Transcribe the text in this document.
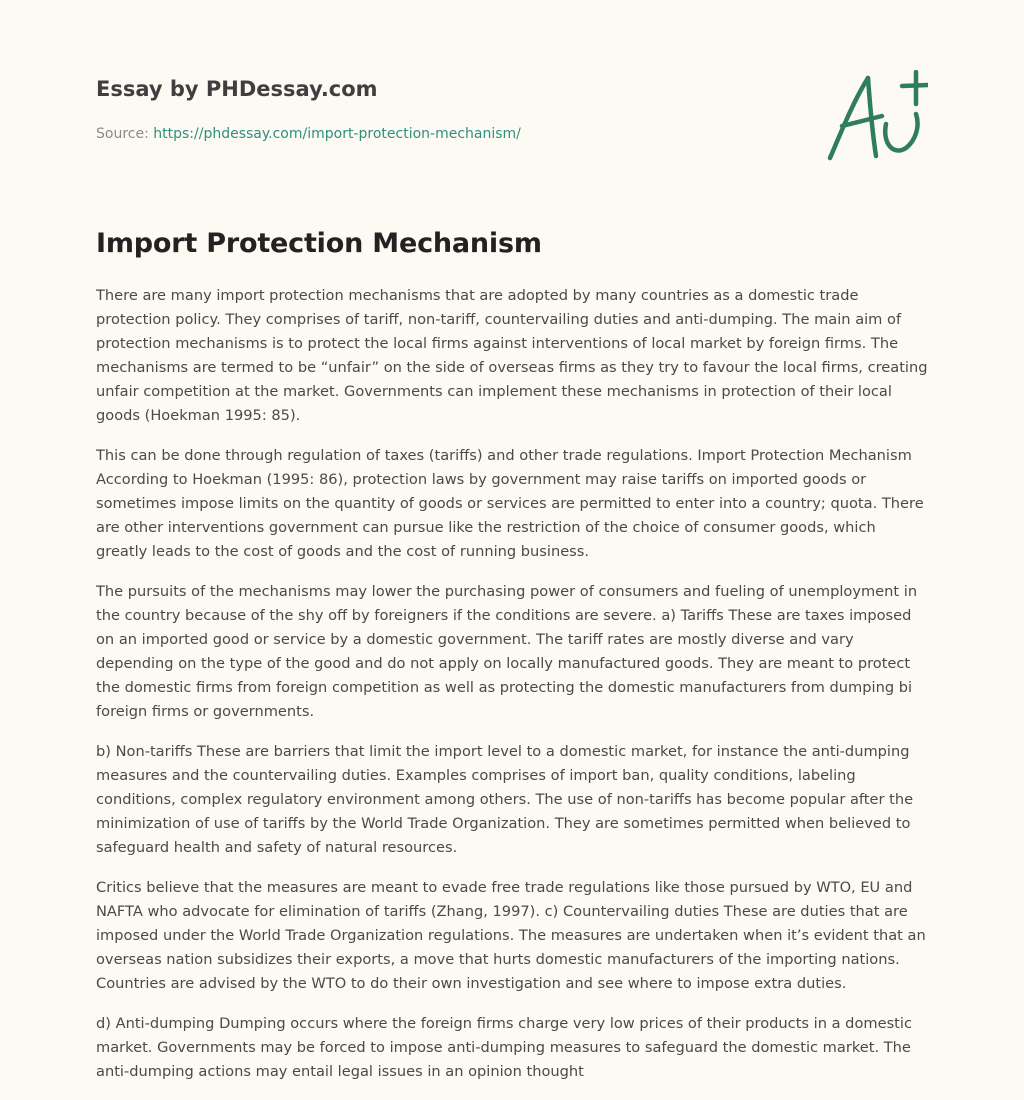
Essay by PHDessay.com
Source: https://phdessay.com/import-protection-mechanism/
Import Protection Mechanism

There are many import protection mechanisms that are adopted by many countries as a domestic trade protection policy. They comprises of tariff, non-tariff, countervailing duties and anti-dumping. The main aim of protection mechanisms is to protect the local firms against interventions of local market by foreign firms. The mechanisms are termed to be “unfair” on the side of overseas firms as they try to favour the local firms, creating unfair competition at the market. Governments can implement these mechanisms in protection of their local goods (Hoekman 1995: 85).

This can be done through regulation of taxes (tariffs) and other trade regulations. Import Protection Mechanism According to Hoekman (1995: 86), protection laws by government may raise tariffs on imported goods or sometimes impose limits on the quantity of goods or services are permitted to enter into a country; quota. There are other interventions government can pursue like the restriction of the choice of consumer goods, which greatly leads to the cost of goods and the cost of running business.

The pursuits of the mechanisms may lower the purchasing power of consumers and fueling of unemployment in the country because of the shy off by foreigners if the conditions are severe. a) Tariffs These are taxes imposed on an imported good or service by a domestic government. The tariff rates are mostly diverse and vary depending on the type of the good and do not apply on locally manufactured goods. They are meant to protect the domestic firms from foreign competition as well as protecting the domestic manufacturers from dumping bi foreign firms or governments.

b) Non-tariffs These are barriers that limit the import level to a domestic market, for instance the anti-dumping measures and the countervailing duties. Examples comprises of import ban, quality conditions, labeling conditions, complex regulatory environment among others. The use of non-tariffs has become popular after the minimization of use of tariffs by the World Trade Organization. They are sometimes permitted when believed to safeguard health and safety of natural resources.

Critics believe that the measures are meant to evade free trade regulations like those pursued by WTO, EU and NAFTA who advocate for elimination of tariffs (Zhang, 1997). c) Countervailing duties These are duties that are imposed under the World Trade Organization regulations. The measures are undertaken when it’s evident that an overseas nation subsidizes their exports, a move that hurts domestic manufacturers of the importing nations. Countries are advised by the WTO to do their own investigation and see where to impose extra duties.

d) Anti-dumping Dumping occurs where the foreign firms charge very low prices of their products in a domestic market. Governments may be forced to impose anti-dumping measures to safeguard the domestic market. The anti-dumping actions may entail legal issues in an opinion thought
